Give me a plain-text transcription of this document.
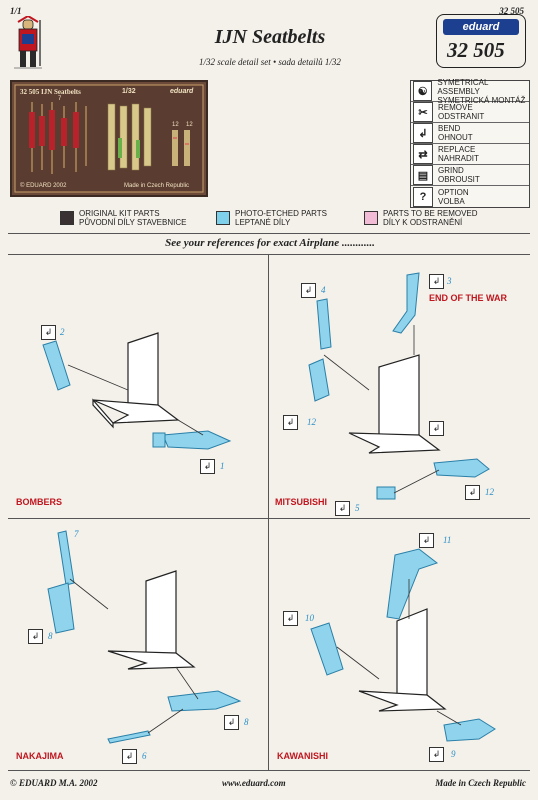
1/1	32 505
IJN Seatbelts
1/32 scale detail set • sada detailů 1/32
eduard
32 505
32 505 IJN Seatbelts	1/32	eduard
© EDUARD 2002	Made in Czech Republic
7
12 12
☯
SYMETRICAL ASSEMBLY
SYMETRICKÁ MONTÁŽ
✂	REMOVE
ODSTRANIT
↲	BEND
OHNOUT
⇄	REPLACE
NAHRADIT
▤	GRIND
OBROUSIT
?	OPTION
VOLBA
ORIGINAL KIT PARTS
PŮVODNÍ DÍLY STAVEBNICE
PHOTO-ETCHED PARTS
LEPTANÉ DÍLY
PARTS TO BE REMOVED
DÍLY K ODSTRANĚNÍ
See your references for exact Airplane ............
↲ 2
↲ 1
BOMBERS
3
↲
END OF THE WAR
↲ 4
↲	12
↲
↲ 12
↲ 5
MITSUBISHI
7
↲ 8
↲ 8
↲ 6
NAKAJIMA
↲	11
↲	10
↲	9
KAWANISHI
© EDUARD M.A. 2002	www.eduard.com	Made in Czech Republic
